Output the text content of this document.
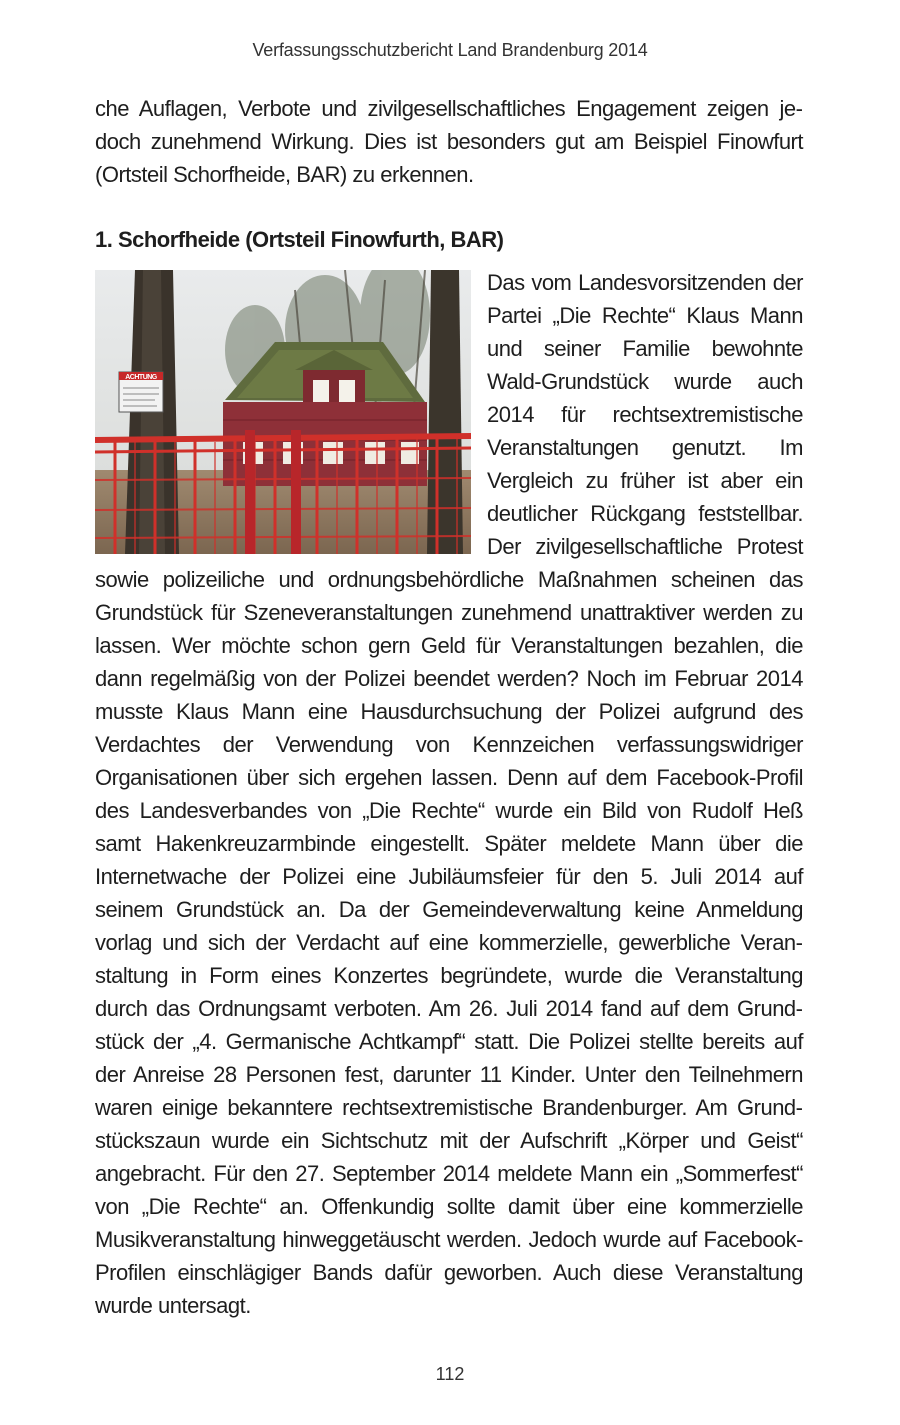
Verfassungsschutzbericht Land Brandenburg 2014

che Auflagen, Verbote und zivilgesellschaftliches Engagement zeigen jedoch zunehmend Wirkung. Dies ist besonders gut am Beispiel Finowfurt (Ortsteil Schorfheide, BAR) zu erkennen.

1. Schorfheide (Ortsteil Finowfurth, BAR)
ACHTUNG

Das vom Landesvorsitzenden der Partei „Die Rechte“ Klaus Mann und seiner Familie bewohnte Wald-Grundstück wurde auch 2014 für rechtsextremistische Veranstaltungen genutzt. Im Vergleich zu früher ist aber ein deutlicher Rückgang feststellbar. Der zivilgesellschaftliche Protest sowie polizeiliche und ordnungsbehördliche Maßnahmen scheinen das Grundstück für Szeneveranstaltungen zunehmend unattraktiver werden zu lassen. Wer möchte schon gern Geld für Veranstaltungen bezahlen, die dann regelmäßig von der Polizei beendet werden? Noch im Februar 2014 musste Klaus Mann eine Hausdurchsuchung der Polizei aufgrund des Verdachtes der Verwendung von Kennzeichen verfassungswidriger Organisationen über sich ergehen lassen. Denn auf dem Facebook-Profil des Landesverbandes von „Die Rechte“ wurde ein Bild von Rudolf Heß samt Hakenkreuzarmbinde eingestellt. Später meldete Mann über die Internetwache der Polizei eine Jubiläumsfeier für den 5. Juli 2014 auf seinem Grundstück an. Da der Gemeindeverwaltung keine Anmeldung vorlag und sich der Verdacht auf eine kommerzielle, gewerbliche Veranstaltung in Form eines Konzertes begründete, wurde die Veranstaltung durch das Ordnungsamt verboten. Am 26. Juli 2014 fand auf dem Grundstück der „4. Germanische Achtkampf“ statt. Die Polizei stellte bereits auf der Anreise 28 Personen fest, darunter 11 Kinder. Unter den Teilnehmern waren einige bekanntere rechtsextremistische Brandenburger. Am Grundstückszaun wurde ein Sichtschutz mit der Aufschrift „Körper und Geist“ angebracht. Für den 27. September 2014 meldete Mann ein „Sommerfest“ von „Die Rechte“ an. Offenkundig sollte damit über eine kommerzielle Musikveranstaltung hinweggetäuscht werden. Jedoch wurde auf Facebook-Profilen einschlägiger Bands dafür geworben. Auch diese Veranstaltung wurde untersagt.

112
